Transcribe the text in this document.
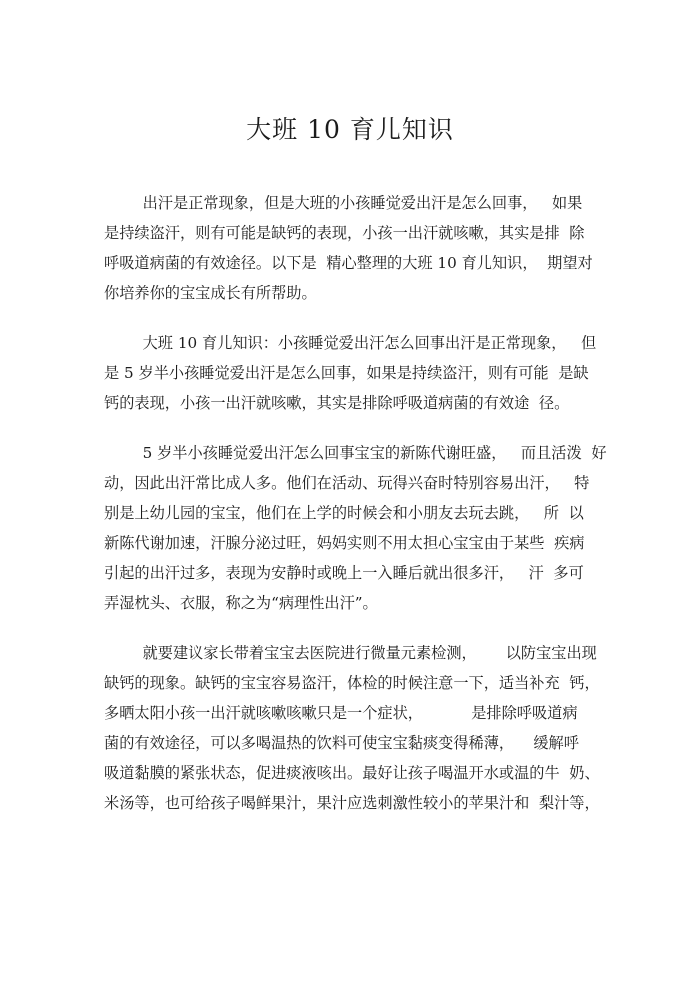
大班 10 育儿知识
出汗是正常现象，但是大班的小孩睡觉爱出汗是怎么回事，   如果
是持续盗汗，则有可能是缺钙的表现，小孩一出汗就咳嗽，其实是排  除
呼吸道病菌的有效途径。以下是  精心整理的大班 10 育儿知识，  期望对
你培养你的宝宝成长有所帮助。
大班 10 育儿知识：小孩睡觉爱出汗怎么回事出汗是正常现象，   但
是 5 岁半小孩睡觉爱出汗是怎么回事，如果是持续盗汗，则有可能  是缺
钙的表现，小孩一出汗就咳嗽，其实是排除呼吸道病菌的有效途  径。
5 岁半小孩睡觉爱出汗怎么回事宝宝的新陈代谢旺盛，   而且活泼  好
动，因此出汗常比成人多。他们在活动、玩得兴奋时特别容易出汗，   特
别是上幼儿园的宝宝，他们在上学的时候会和小朋友去玩去跳，   所  以
新陈代谢加速，汗腺分泌过旺，妈妈实则不用太担心宝宝由于某些  疾病
引起的出汗过多，表现为安静时或晚上一入睡后就出很多汗，   汗  多可
弄湿枕头、衣服，称之为“病理性出汗”。
就要建议家长带着宝宝去医院进行微量元素检测，      以防宝宝出现
缺钙的现象。缺钙的宝宝容易盗汗，体检的时候注意一下，适当补充  钙，
多晒太阳小孩一出汗就咳嗽咳嗽只是一个症状，          是排除呼吸道病
菌的有效途径，可以多喝温热的饮料可使宝宝黏痰变得稀薄，    缓解呼
吸道黏膜的紧张状态，促进痰液咳出。最好让孩子喝温开水或温的牛  奶、
米汤等，也可给孩子喝鲜果汁，果汁应选刺激性较小的苹果汁和  梨汁等，
